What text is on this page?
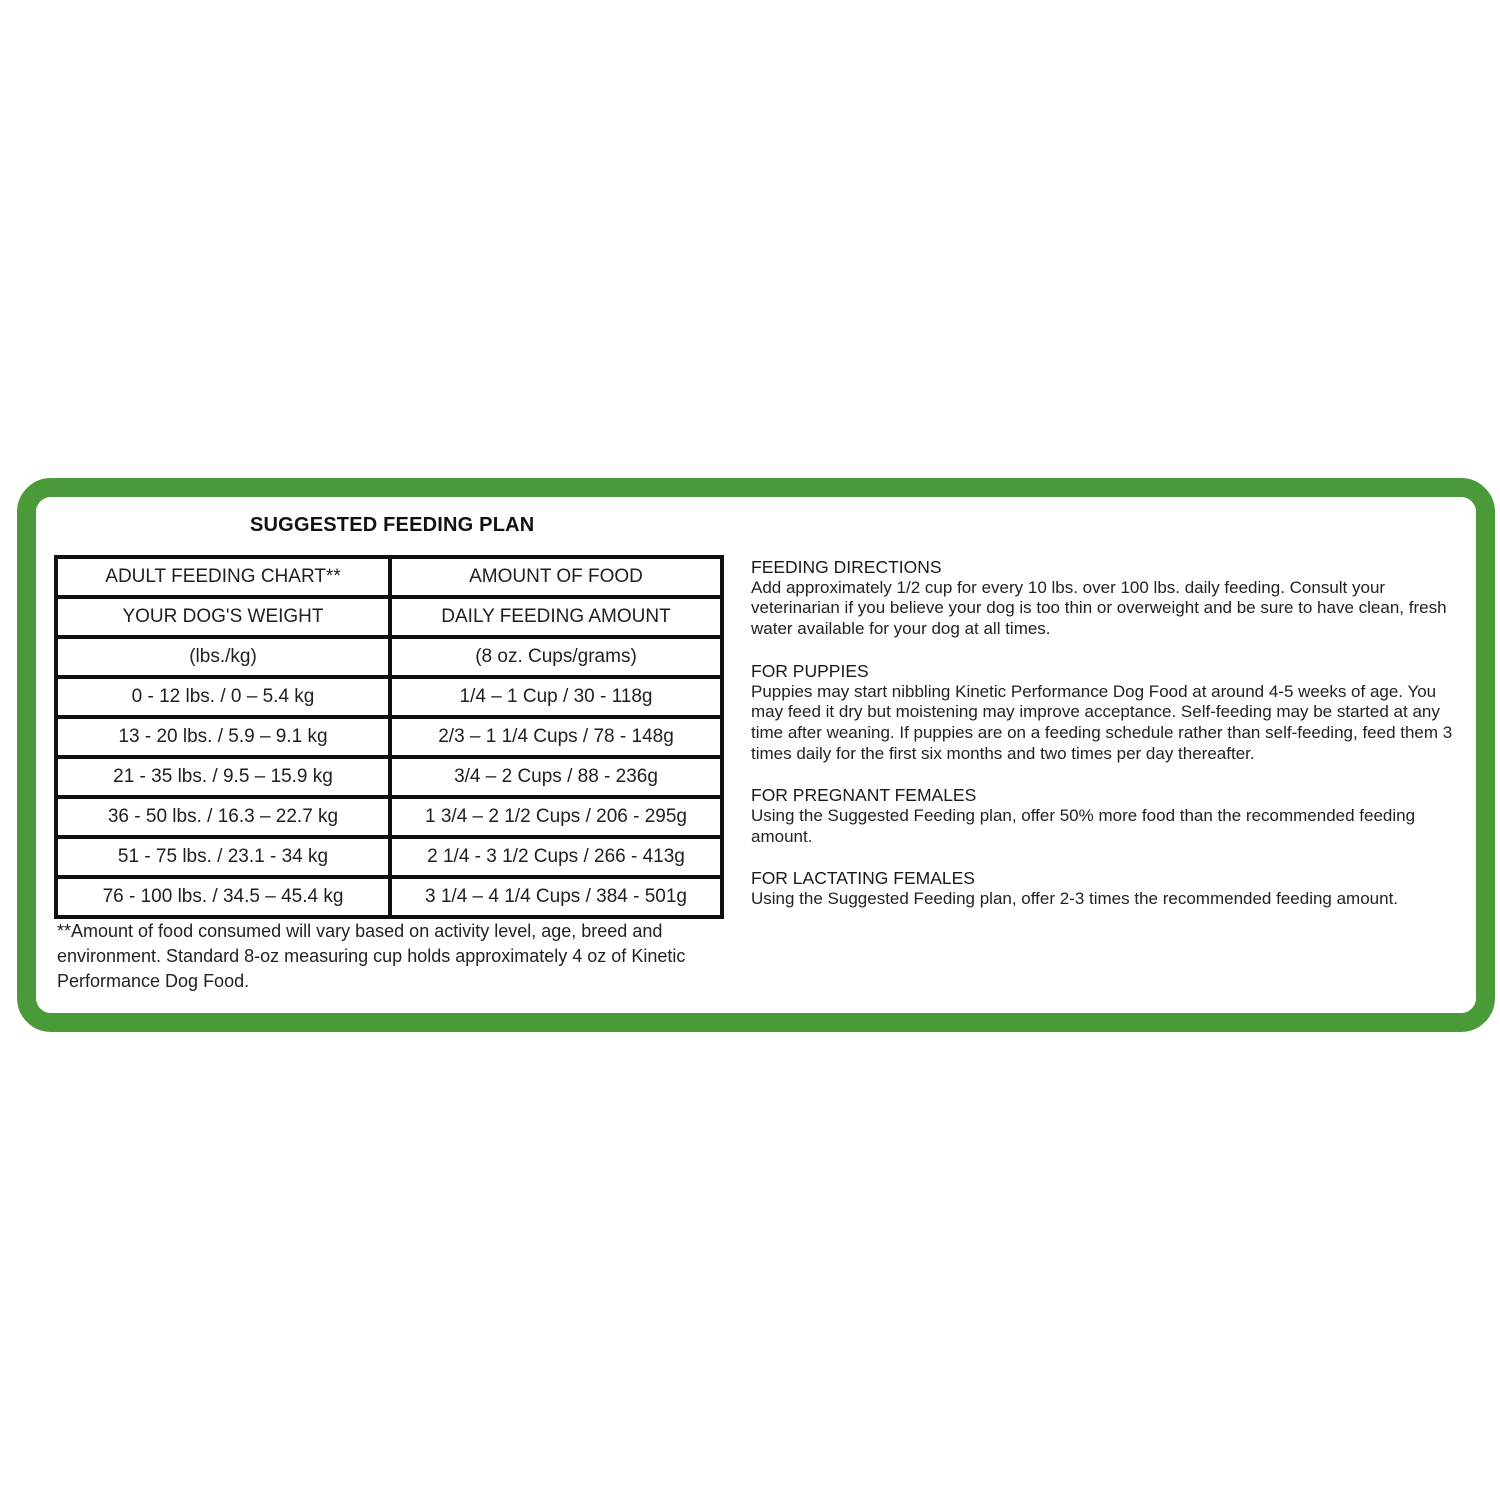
SUGGESTED FEEDING PLAN
ADULT FEEDING CHART**	AMOUNT OF FOOD
YOUR DOG'S WEIGHT	DAILY FEEDING AMOUNT
(lbs./kg)	(8 oz. Cups/grams)
0 - 12 lbs. / 0 – 5.4 kg	1/4 – 1 Cup / 30 - 118g
13 - 20 lbs. / 5.9 – 9.1 kg	2/3 – 1 1/4 Cups / 78 - 148g
21 - 35 lbs. / 9.5 – 15.9 kg	3/4 – 2 Cups / 88 - 236g
36 - 50 lbs. / 16.3 – 22.7 kg	1 3/4 – 2 1/2 Cups / 206 - 295g
51 - 75 lbs. / 23.1 - 34 kg	2 1/4 - 3 1/2 Cups / 266 - 413g
76 - 100 lbs. / 34.5 – 45.4 kg	3 1/4 – 4 1/4 Cups / 384 - 501g
**Amount of food consumed will vary based on activity level, age, breed and environment. Standard 8-oz measuring cup holds approximately 4 oz of Kinetic Performance Dog Food.
FEEDING DIRECTIONS
Add approximately 1/2 cup for every 10 lbs. over 100 lbs. daily feeding. Consult your veterinarian if you believe your dog is too thin or overweight and be sure to have clean, fresh water available for your dog at all times.
FOR PUPPIES
Puppies may start nibbling Kinetic Performance Dog Food at around 4-5 weeks of age. You may feed it dry but moistening may improve acceptance. Self-feeding may be started at any time after weaning. If puppies are on a feeding schedule rather than self-feeding, feed them 3 times daily for the first six months and two times per day thereafter.
FOR PREGNANT FEMALES
Using the Suggested Feeding plan, offer 50% more food than the recommended feeding amount.
FOR LACTATING FEMALES
Using the Suggested Feeding plan, offer 2-3 times the recommended feeding amount.
